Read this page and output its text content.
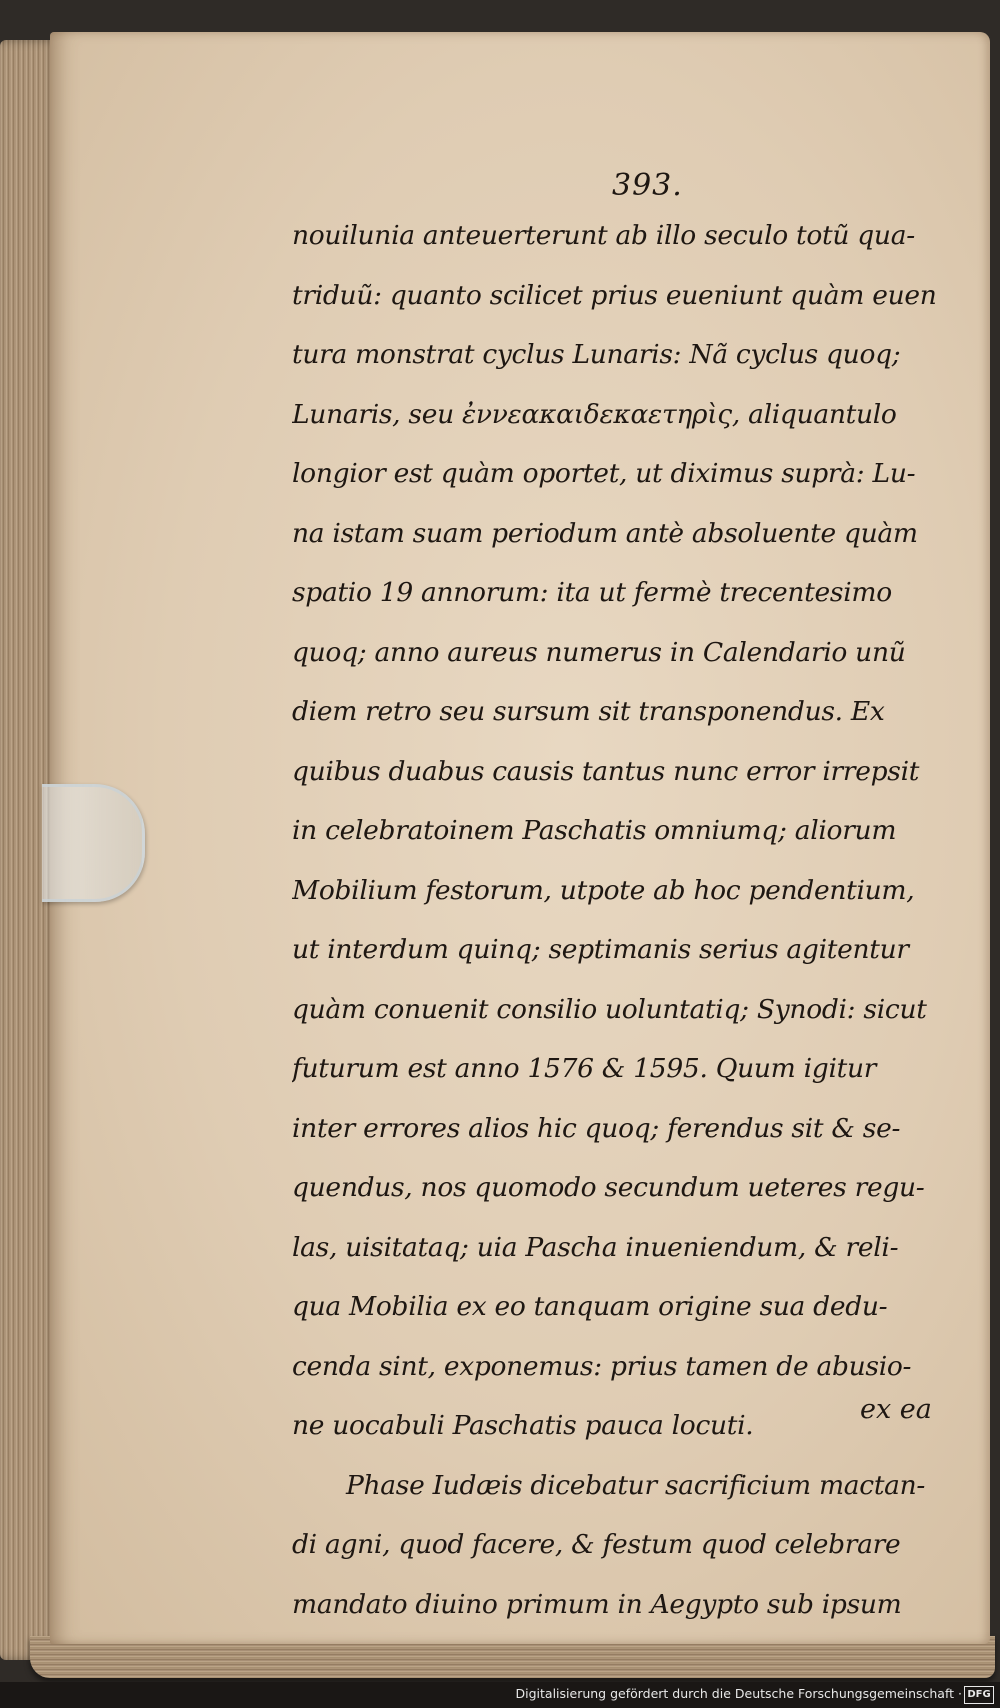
393.
nouilunia anteuerterunt ab illo seculo totũ qua-
triduũ: quanto scilicet prius eueniunt quàm euen
tura monstrat cyclus Lunaris: Nã cyclus quoq;
Lunaris, seu ἐννεακαιδεκαετηρὶς, aliquantulo
longior est quàm oportet, ut diximus suprà: Lu-
na istam suam periodum antè absoluente quàm
spatio 19 annorum: ita ut fermè trecentesimo
quoq; anno aureus numerus in Calendario unũ
diem retro seu sursum sit transponendus. Ex
quibus duabus causis tantus nunc error irrepsit
in celebratoinem Paschatis omniumq; aliorum
Mobilium festorum, utpote ab hoc pendentium,
ut interdum quinq; septimanis serius agitentur
quàm conuenit consilio uoluntatiq; Synodi: sicut
futurum est anno 1576 & 1595. Quum igitur
inter errores alios hic quoq; ferendus sit & se-
quendus, nos quomodo secundum ueteres regu-
las, uisitataq; uia Pascha inueniendum, & reli-
qua Mobilia ex eo tanquam origine sua dedu-
cenda sint, exponemus: prius tamen de abusio-
ne uocabuli Paschatis pauca locuti.
Phase Iudæis dicebatur sacrificium mactan-
di agni, quod facere, & festum quod celebrare
mandato diuino primum in Aegypto sub ipsum
ex ea
Digitalisierung gefördert durch die Deutsche Forschungsgemeinschaft · DFG
